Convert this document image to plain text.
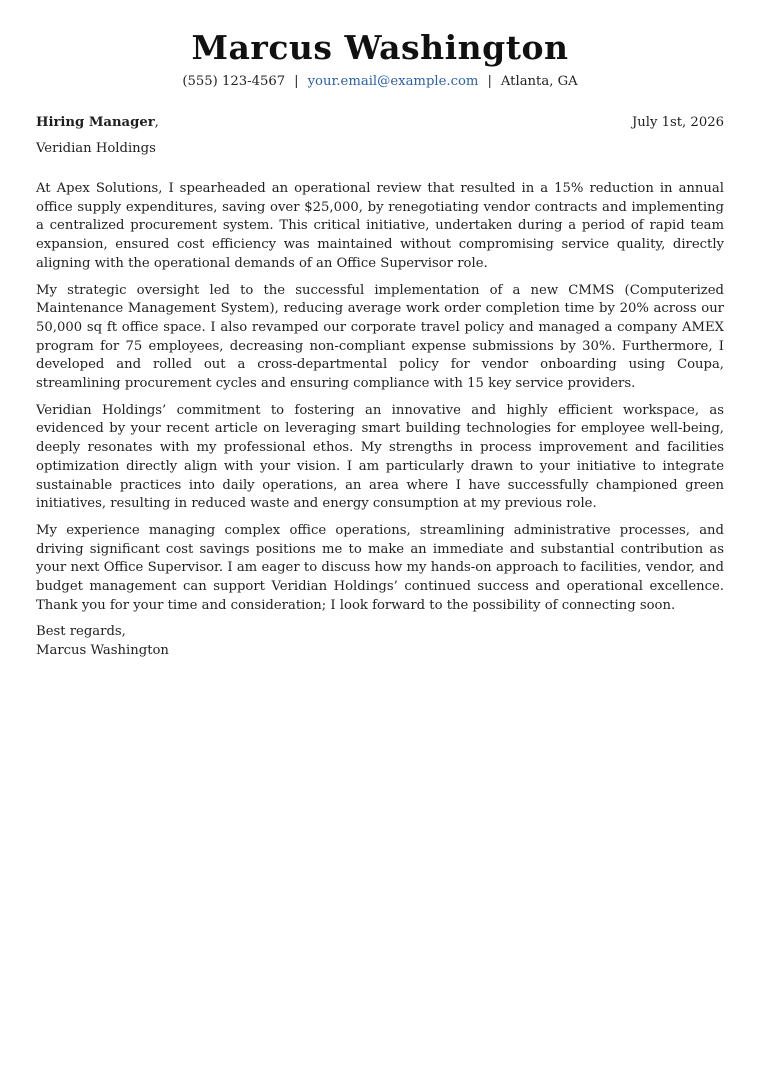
Marcus Washington
(555) 123-4567 | your.email@example.com | Atlanta, GA
Hiring Manager,	July 1st, 2026
Veridian Holdings

At Apex Solutions, I spearheaded an operational review that resulted in a 15% reduction in annual office supply expenditures, saving over $25,000, by renegotiating vendor contracts and implementing a centralized procurement system. This critical initiative, undertaken during a period of rapid team expansion, ensured cost efficiency was maintained without compromising service quality, directly aligning with the operational demands of an Office Supervisor role.

My strategic oversight led to the successful implementation of a new CMMS (Computerized Maintenance Management System), reducing average work order completion time by 20% across our 50,000 sq ft office space. I also revamped our corporate travel policy and managed a company AMEX program for 75 employees, decreasing non-compliant expense submissions by 30%. Furthermore, I developed and rolled out a cross-departmental policy for vendor onboarding using Coupa, streamlining procurement cycles and ensuring compliance with 15 key service providers.

Veridian Holdings’ commitment to fostering an innovative and highly efficient workspace, as evidenced by your recent article on leveraging smart building technologies for employee well-being, deeply resonates with my professional ethos. My strengths in process improvement and facilities optimization directly align with your vision. I am particularly drawn to your initiative to integrate sustainable practices into daily operations, an area where I have successfully championed green initiatives, resulting in reduced waste and energy consumption at my previous role.

My experience managing complex office operations, streamlining administrative processes, and driving significant cost savings positions me to make an immediate and substantial contribution as your next Office Supervisor. I am eager to discuss how my hands-on approach to facilities, vendor, and budget management can support Veridian Holdings’ continued success and operational excellence. Thank you for your time and consideration; I look forward to the possibility of connecting soon.

Best regards,
Marcus Washington
